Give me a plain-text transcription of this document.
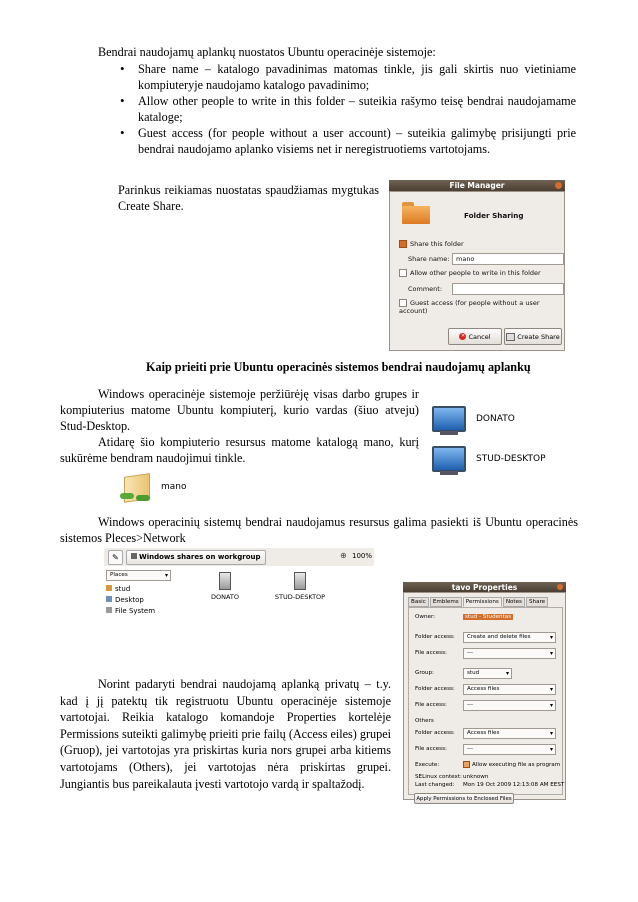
Bendrai naudojamų aplankų nuostatos Ubuntu operacinėje sistemoje:

• Share name – katalogo pavadinimas matomas tinkle, jis gali skirtis nuo vietiniame kompiuteryje naudojamo katalogo pavadinimo;
• Allow other people to write in this folder – suteikia rašymo teisę bendrai naudojamame kataloge;
• Guest access (for people without a user account) – suteikia galimybę prisijungti prie bendrai naudojamo aplanko visiems net ir neregistruotiems vartotojams.

Parinkus reikiamas nuostatas spaudžiamas mygtukas Create Share.

File Manager
Folder Sharing
Share this folder
Share name:	mano
Allow other people to write in this folder
Comment:
Guest access (for people without a user account)
✕ Cancel	Create Share
Kaip prieiti prie Ubuntu operacinės sistemos bendrai naudojamų aplankų

Windows operacinėje sistemoje peržiūrėję visas darbo grupes ir kompiuterius matome Ubuntu kompiuterį, kurio vardas (šiuo atveju) Stud-Desktop.

Atidarę šio kompiuterio resursus matome katalogą mano, kurį sukūrėme bendram naudojimui tinkle.

DONATO
STUD-DESKTOP
mano

Windows operacinių sistemų bendrai naudojamus resursus galima pasiekti iš Ubuntu operacinės sistemos Pleces>Network

✎	Windows shares on workgroup	⊕ 100%
Places ▾
stud
Desktop
File System
DONATO	STUD-DESKTOP

Norint padaryti bendrai naudojamą aplanką privatų – t.y. kad į jį patektų tik registruotu Ubuntu operacinėje sistemoje vartotojai. Reikia katalogo komandoje Properties kortelėje Permissions suteikti galimybę prieiti prie failų (Access eiles) grupei (Gruop), jei vartotojas yra priskirtas kuria nors grupei arba kitiems vartotojams (Others), jei vartotojas nėra priskirtas grupei. Jungiantis bus pareikalauta įvesti vartotojo vardą ir spaltažodį.

tavo Properties
Basic	Emblems	Permissions	Notes	Share
Owner:	stud - Studentas
Folder access:	Create and delete files ▾
File access:	--- ▾
Group:	stud ▾
Folder access:	Access files ▾
File access:	--- ▾
Others
Folder access:	Access files ▾
File access:	--- ▾
Execute:	Allow executing file as program
SELinux context: unknown
Last changed: Mon 19 Oct 2009 12:13:08 AM EEST
Apply Permissions to Enclosed Files
